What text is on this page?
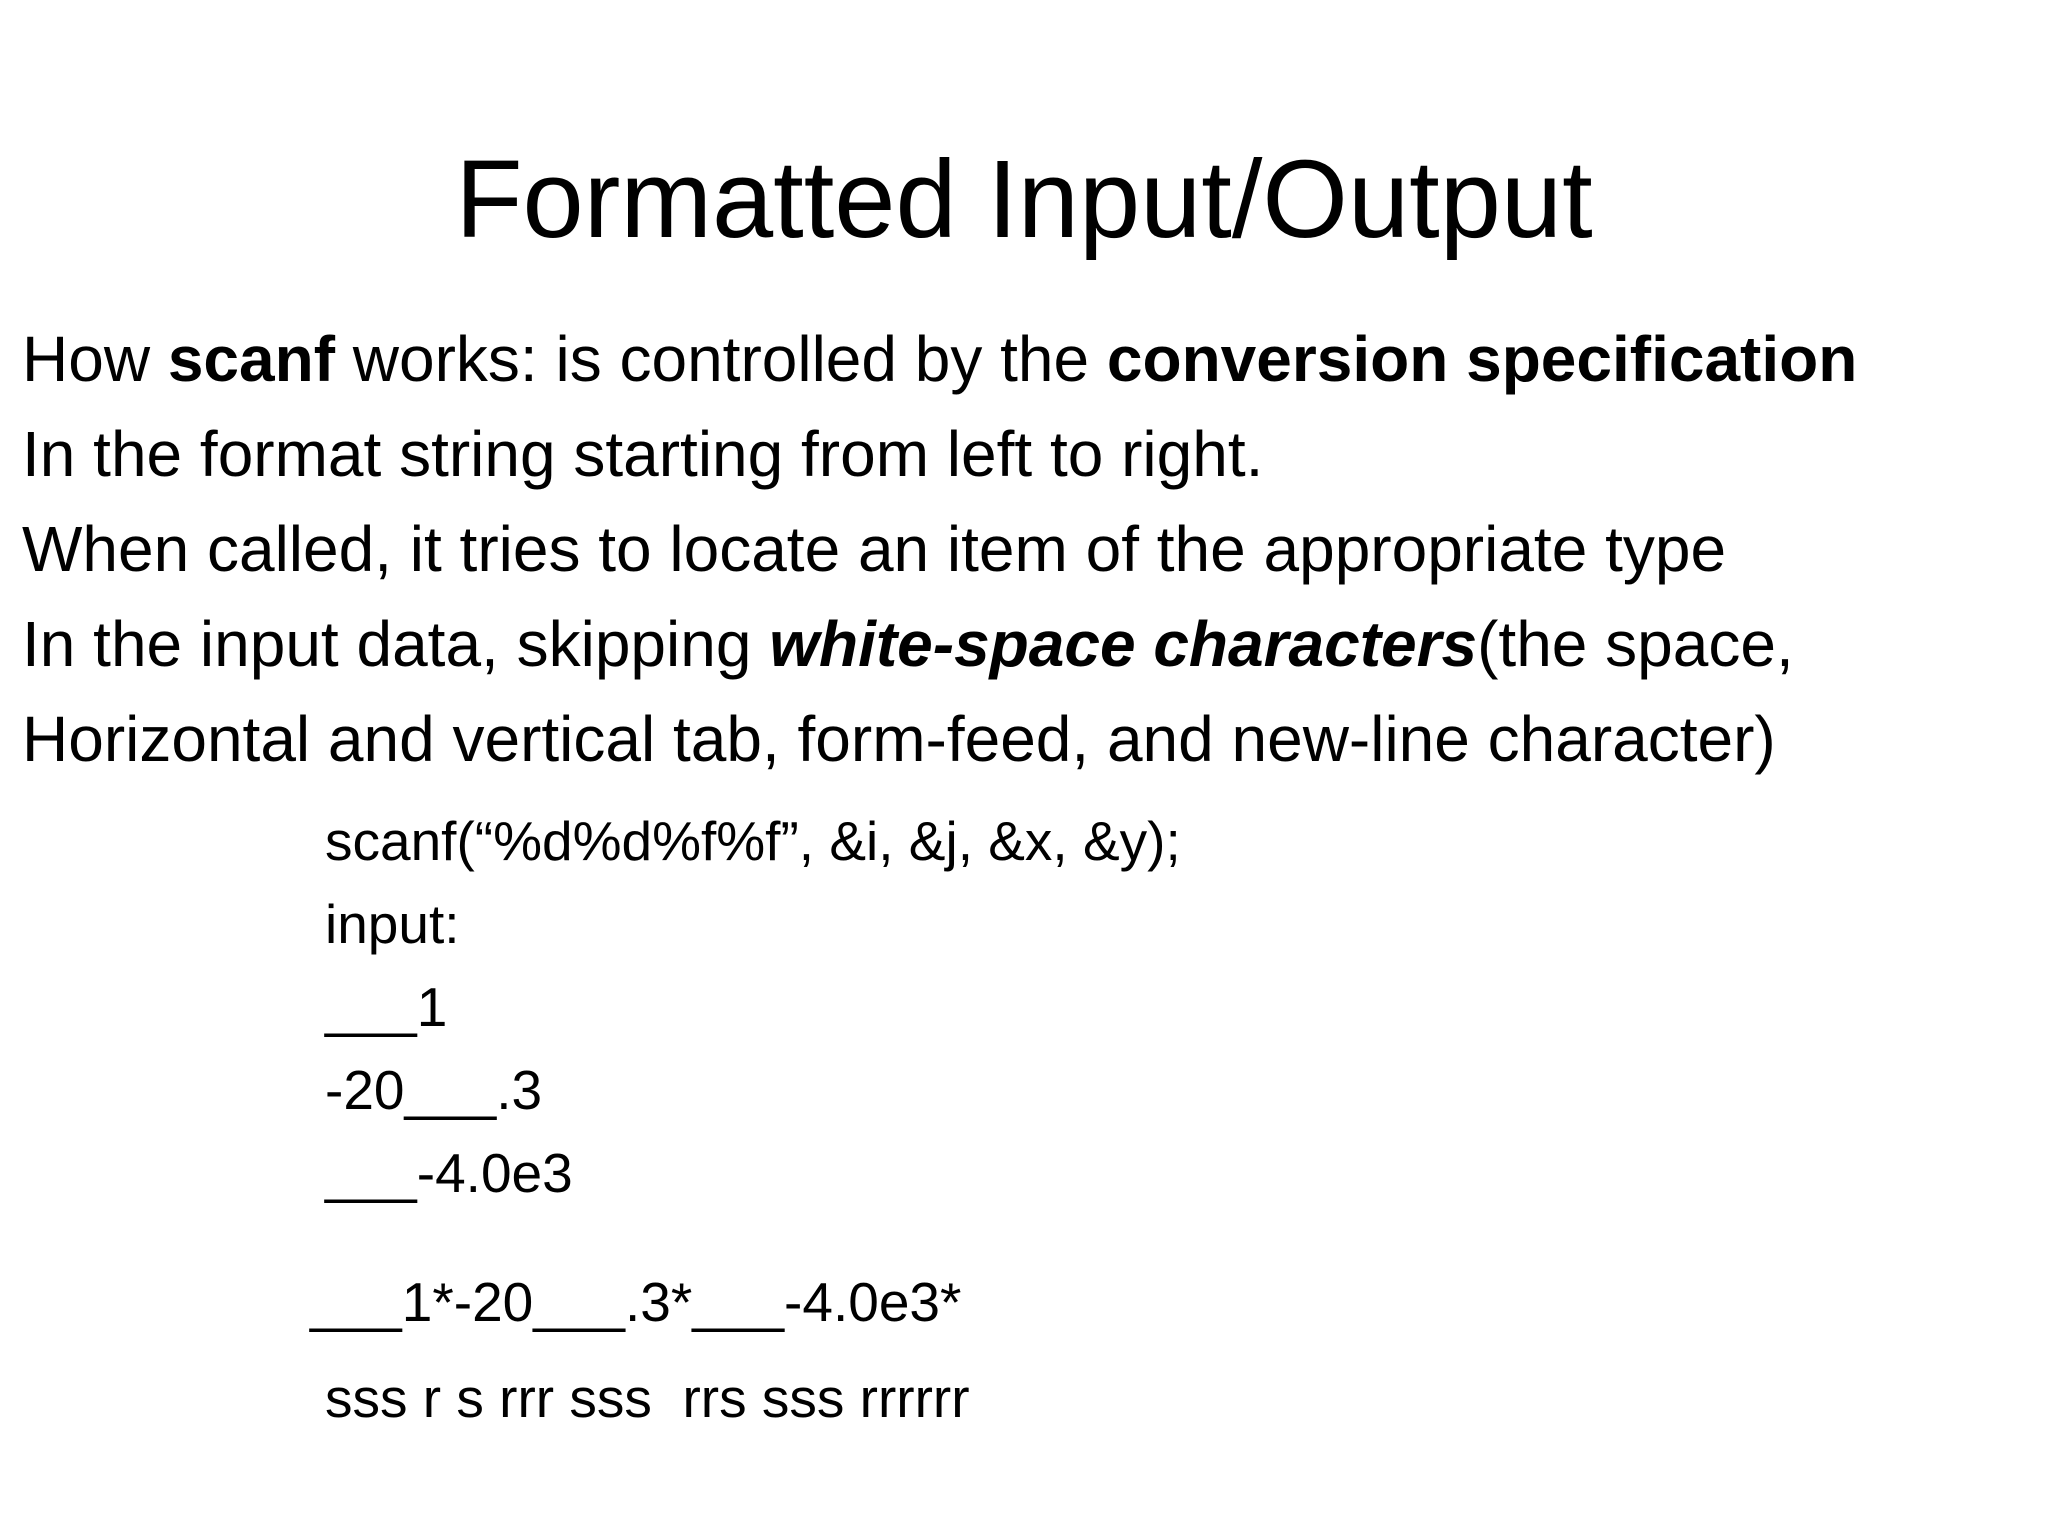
Formatted Input/Output
How scanf works: is controlled by the conversion specification
In the format string starting from left to right.
When called, it tries to locate an item of the appropriate type
In the input data, skipping white-space characters(the space,
Horizontal and vertical tab, form-feed, and new-line character)
scanf(“%d%d%f%f”, &i, &j, &x, &y);
input:
___1
-20___.3
___-4.0e3
___1*-20___.3*___-4.0e3*
sss r s rrr sss  rrs sss rrrrrr
